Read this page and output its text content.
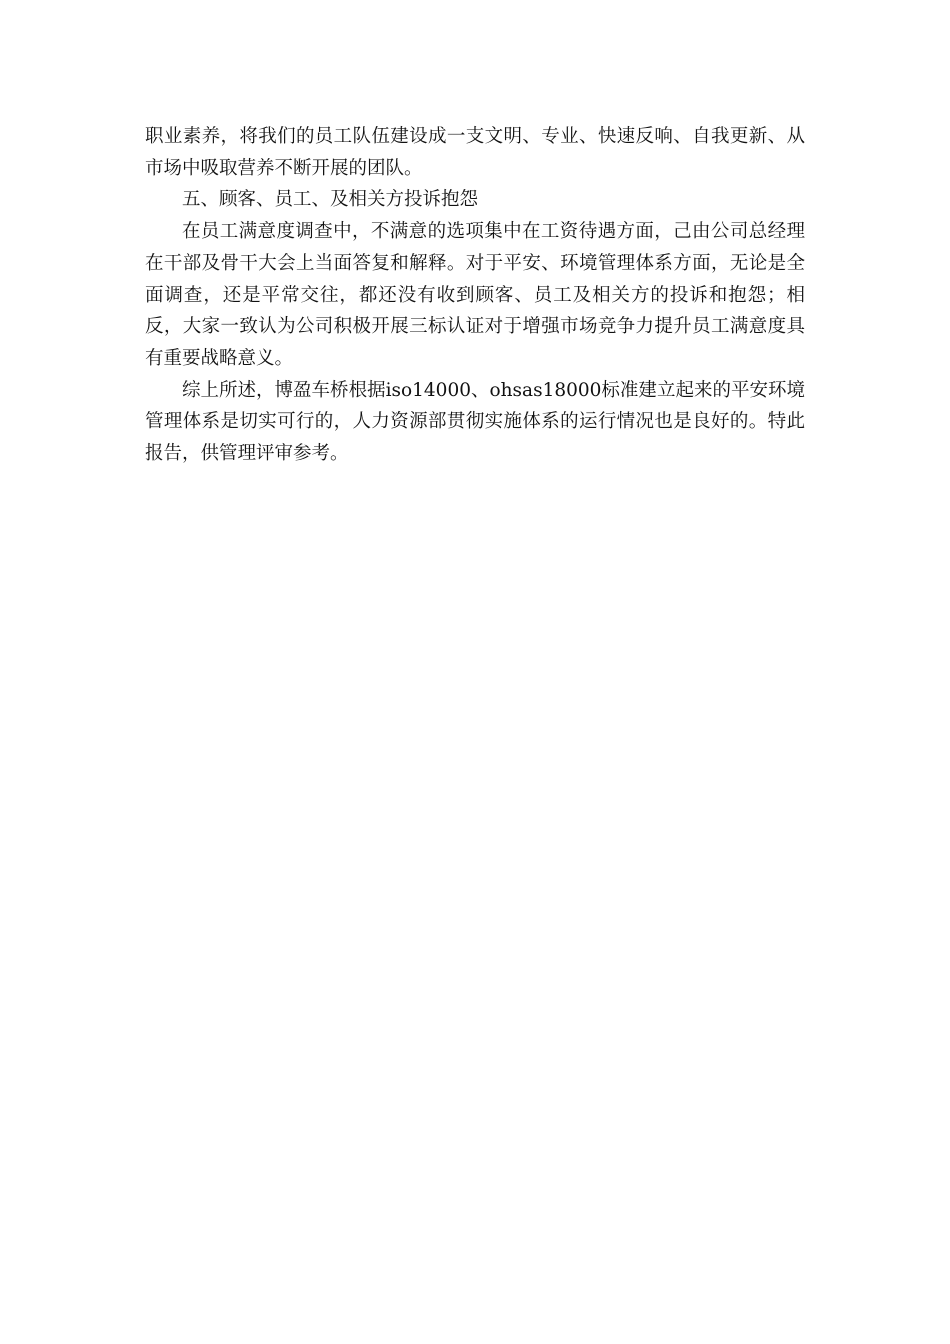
职业素养，将我们的员工队伍建设成一支文明、专业、快速反响、自我更新、从市场中吸取营养不断开展的团队。

五、顾客、员工、及相关方投诉抱怨

在员工满意度调查中，不满意的选项集中在工资待遇方面，己由公司总经理在干部及骨干大会上当面答复和解释。对于平安、环境管理体系方面，无论是全面调查，还是平常交往，都还没有收到顾客、员工及相关方的投诉和抱怨；相反，大家一致认为公司积极开展三标认证对于增强市场竞争力提升员工满意度具有重要战略意义。

综上所述，博盈车桥根据iso14000、ohsas18000标准建立起来的平安环境管理体系是切实可行的，人力资源部贯彻实施体系的运行情况也是良好的。特此报告，供管理评审参考。
